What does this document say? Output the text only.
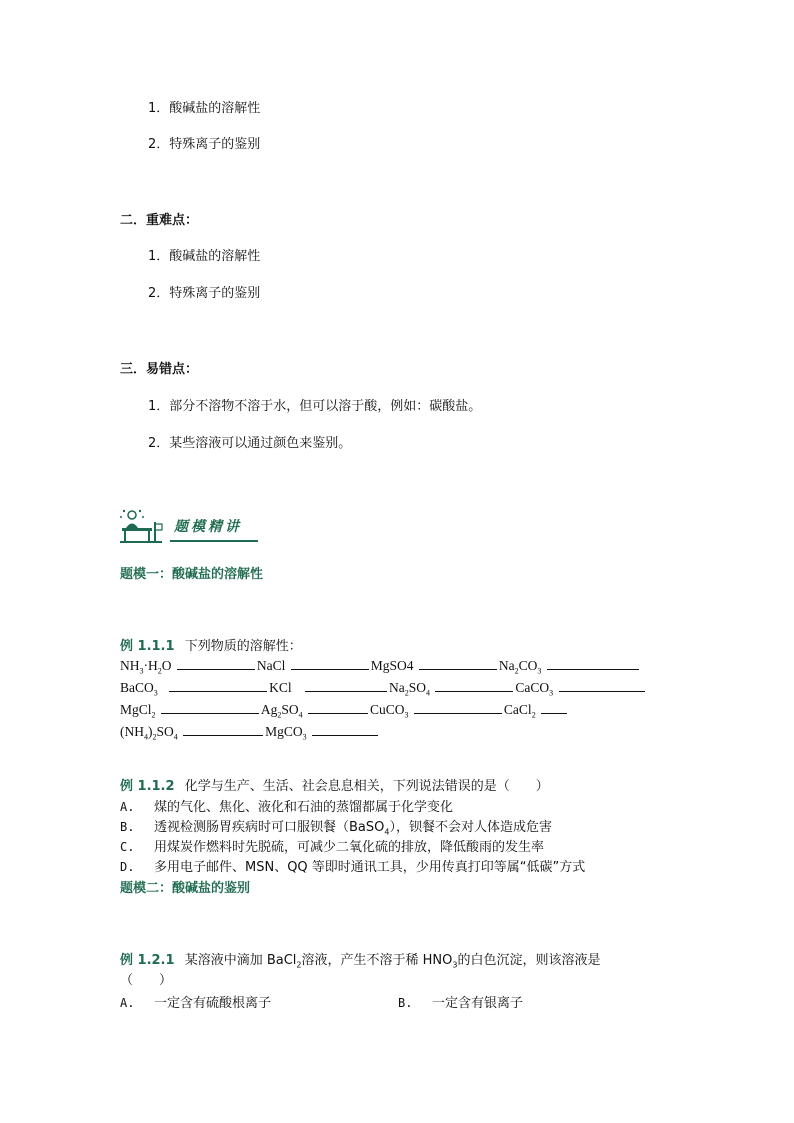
1．酸碱盐的溶解性
2．特殊离子的鉴别
二．重难点：
1．酸碱盐的溶解性
2．特殊离子的鉴别
三．易错点：
1．部分不溶物不溶于水，但可以溶于酸，例如：碳酸盐。
2．某些溶液可以通过颜色来鉴别。
题模精讲
题模一：酸碱盐的溶解性
例 1.1.1 下列物质的溶解性：
$NH_3\cdot H_2O$	NaCl	MgSO4	$Na_2CO_3$
BaCO$_3$	KCl	$Na_2SO_4$	CaCO$_3$
MgCl$_2$	$Ag_2SO_4$	CuCO$_3$	CaCl$_2$
$(NH_4)_2SO_4$	MgCO$_3$
例 1.1.2 化学与生产、生活、社会息息相关，下列说法错误的是（　　）
A. 煤的气化、焦化、液化和石油的蒸馏都属于化学变化
B. 透视检测肠胃疾病时可口服钡餐（BaSO$_4$），钡餐不会对人体造成危害
C. 用煤炭作燃料时先脱硫，可减少二氧化硫的排放，降低酸雨的发生率
D. 多用电子邮件、MSN、QQ 等即时通讯工具，少用传真打印等属“低碳”方式
题模二：酸碱盐的鉴别
例 1.2.1 某溶液中滴加 BaCl$_2$溶液，产生不溶于稀 $HNO_3$的白色沉淀，则该溶液是
（　　）
A. 一定含有硫酸根离子	B. 一定含有银离子
